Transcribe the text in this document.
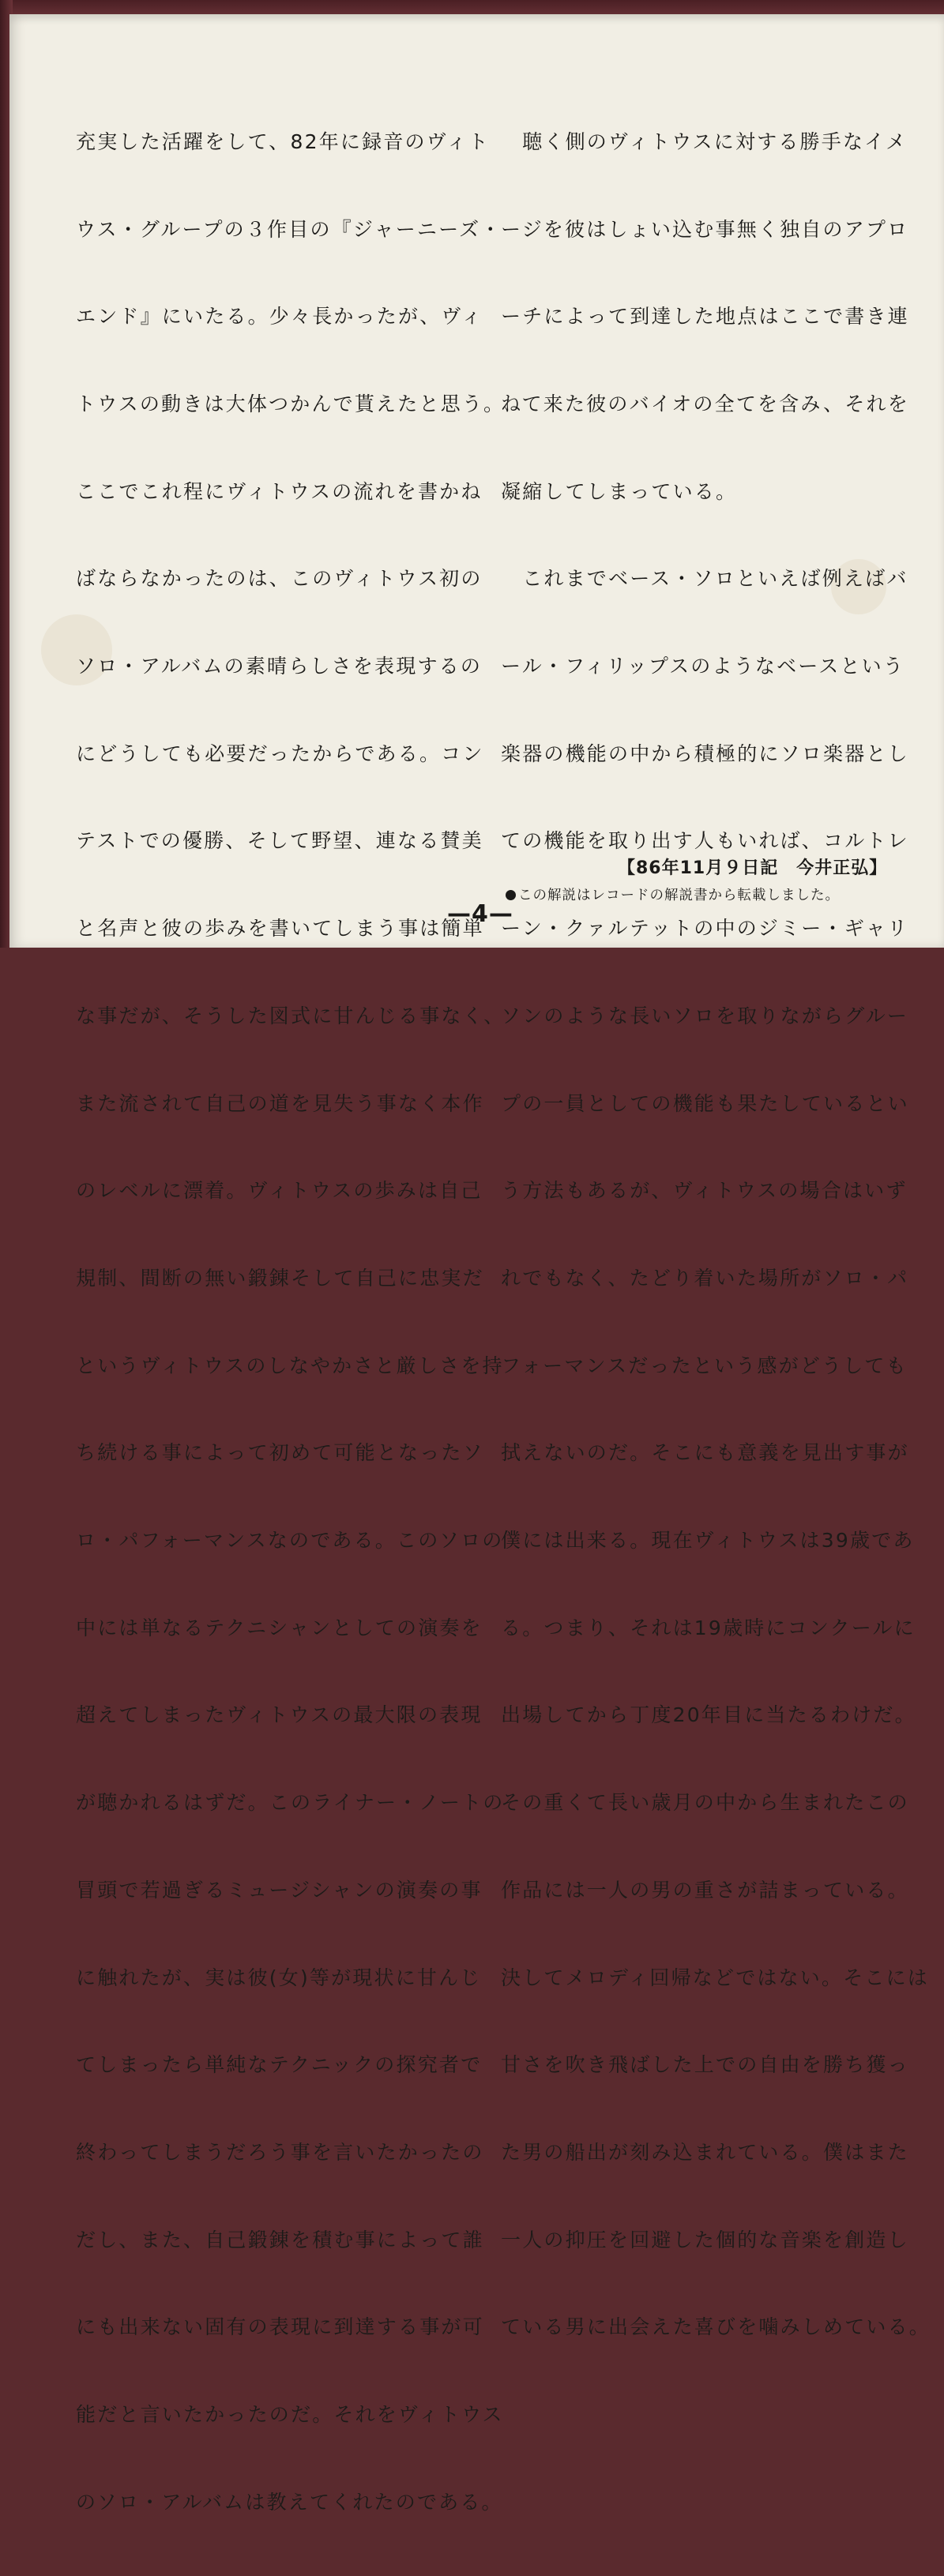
充実した活躍をして、82年に録音のヴィト

ウス・グループの３作目の『ジャーニーズ・

エンド』にいたる。少々長かったが、ヴィ

トウスの動きは大体つかんで貰えたと思う。

ここでこれ程にヴィトウスの流れを書かね

ばならなかったのは、このヴィトウス初の

ソロ・アルバムの素晴らしさを表現するの

にどうしても必要だったからである。コン

テストでの優勝、そして野望、連なる賛美

と名声と彼の歩みを書いてしまう事は簡単

な事だが、そうした図式に甘んじる事なく、

また流されて自己の道を見失う事なく本作

のレベルに漂着。ヴィトウスの歩みは自己

規制、間断の無い鍛錬そして自己に忠実だ

というヴィトウスのしなやかさと厳しさを持

ち続ける事によって初めて可能となったソ

ロ・パフォーマンスなのである。このソロの

中には単なるテクニシャンとしての演奏を

超えてしまったヴィトウスの最大限の表現

が聴かれるはずだ。このライナー・ノートの

冒頭で若過ぎるミュージシャンの演奏の事

に触れたが、実は彼(女)等が現状に甘んじ

てしまったら単純なテクニックの探究者で

終わってしまうだろう事を言いたかったの

だし、また、自己鍛錬を積む事によって誰

にも出来ない固有の表現に到達する事が可

能だと言いたかったのだ。それをヴィトウス

のソロ・アルバムは教えてくれたのである。

　聴く側のヴィトウスに対する勝手なイメ

ージを彼はしょい込む事無く独自のアプロ

ーチによって到達した地点はここで書き連

ねて来た彼のバイオの全てを含み、それを

凝縮してしまっている。

　これまでベース・ソロといえば例えばバ

ール・フィリップスのようなベースという

楽器の機能の中から積極的にソロ楽器とし

ての機能を取り出す人もいれば、コルトレ

ーン・クァルテットの中のジミー・ギャリ

ソンのような長いソロを取りながらグルー

プの一員としての機能も果たしているとい

う方法もあるが、ヴィトウスの場合はいず

れでもなく、たどり着いた場所がソロ・パ

フォーマンスだったという感がどうしても

拭えないのだ。そこにも意義を見出す事が

僕には出来る。現在ヴィトウスは39歳であ

る。つまり、それは19歳時にコンクールに

出場してから丁度20年目に当たるわけだ。

その重くて長い歳月の中から生まれたこの

作品には一人の男の重さが詰まっている。

決してメロディ回帰などではない。そこには

甘さを吹き飛ばした上での自由を勝ち獲っ

た男の船出が刻み込まれている。僕はまた

一人の抑圧を回避した個的な音楽を創造し

ている男に出会えた喜びを噛みしめている。

【86年11月９日記　今井正弘】
この解説はレコードの解説書から転載しました。
—4—
